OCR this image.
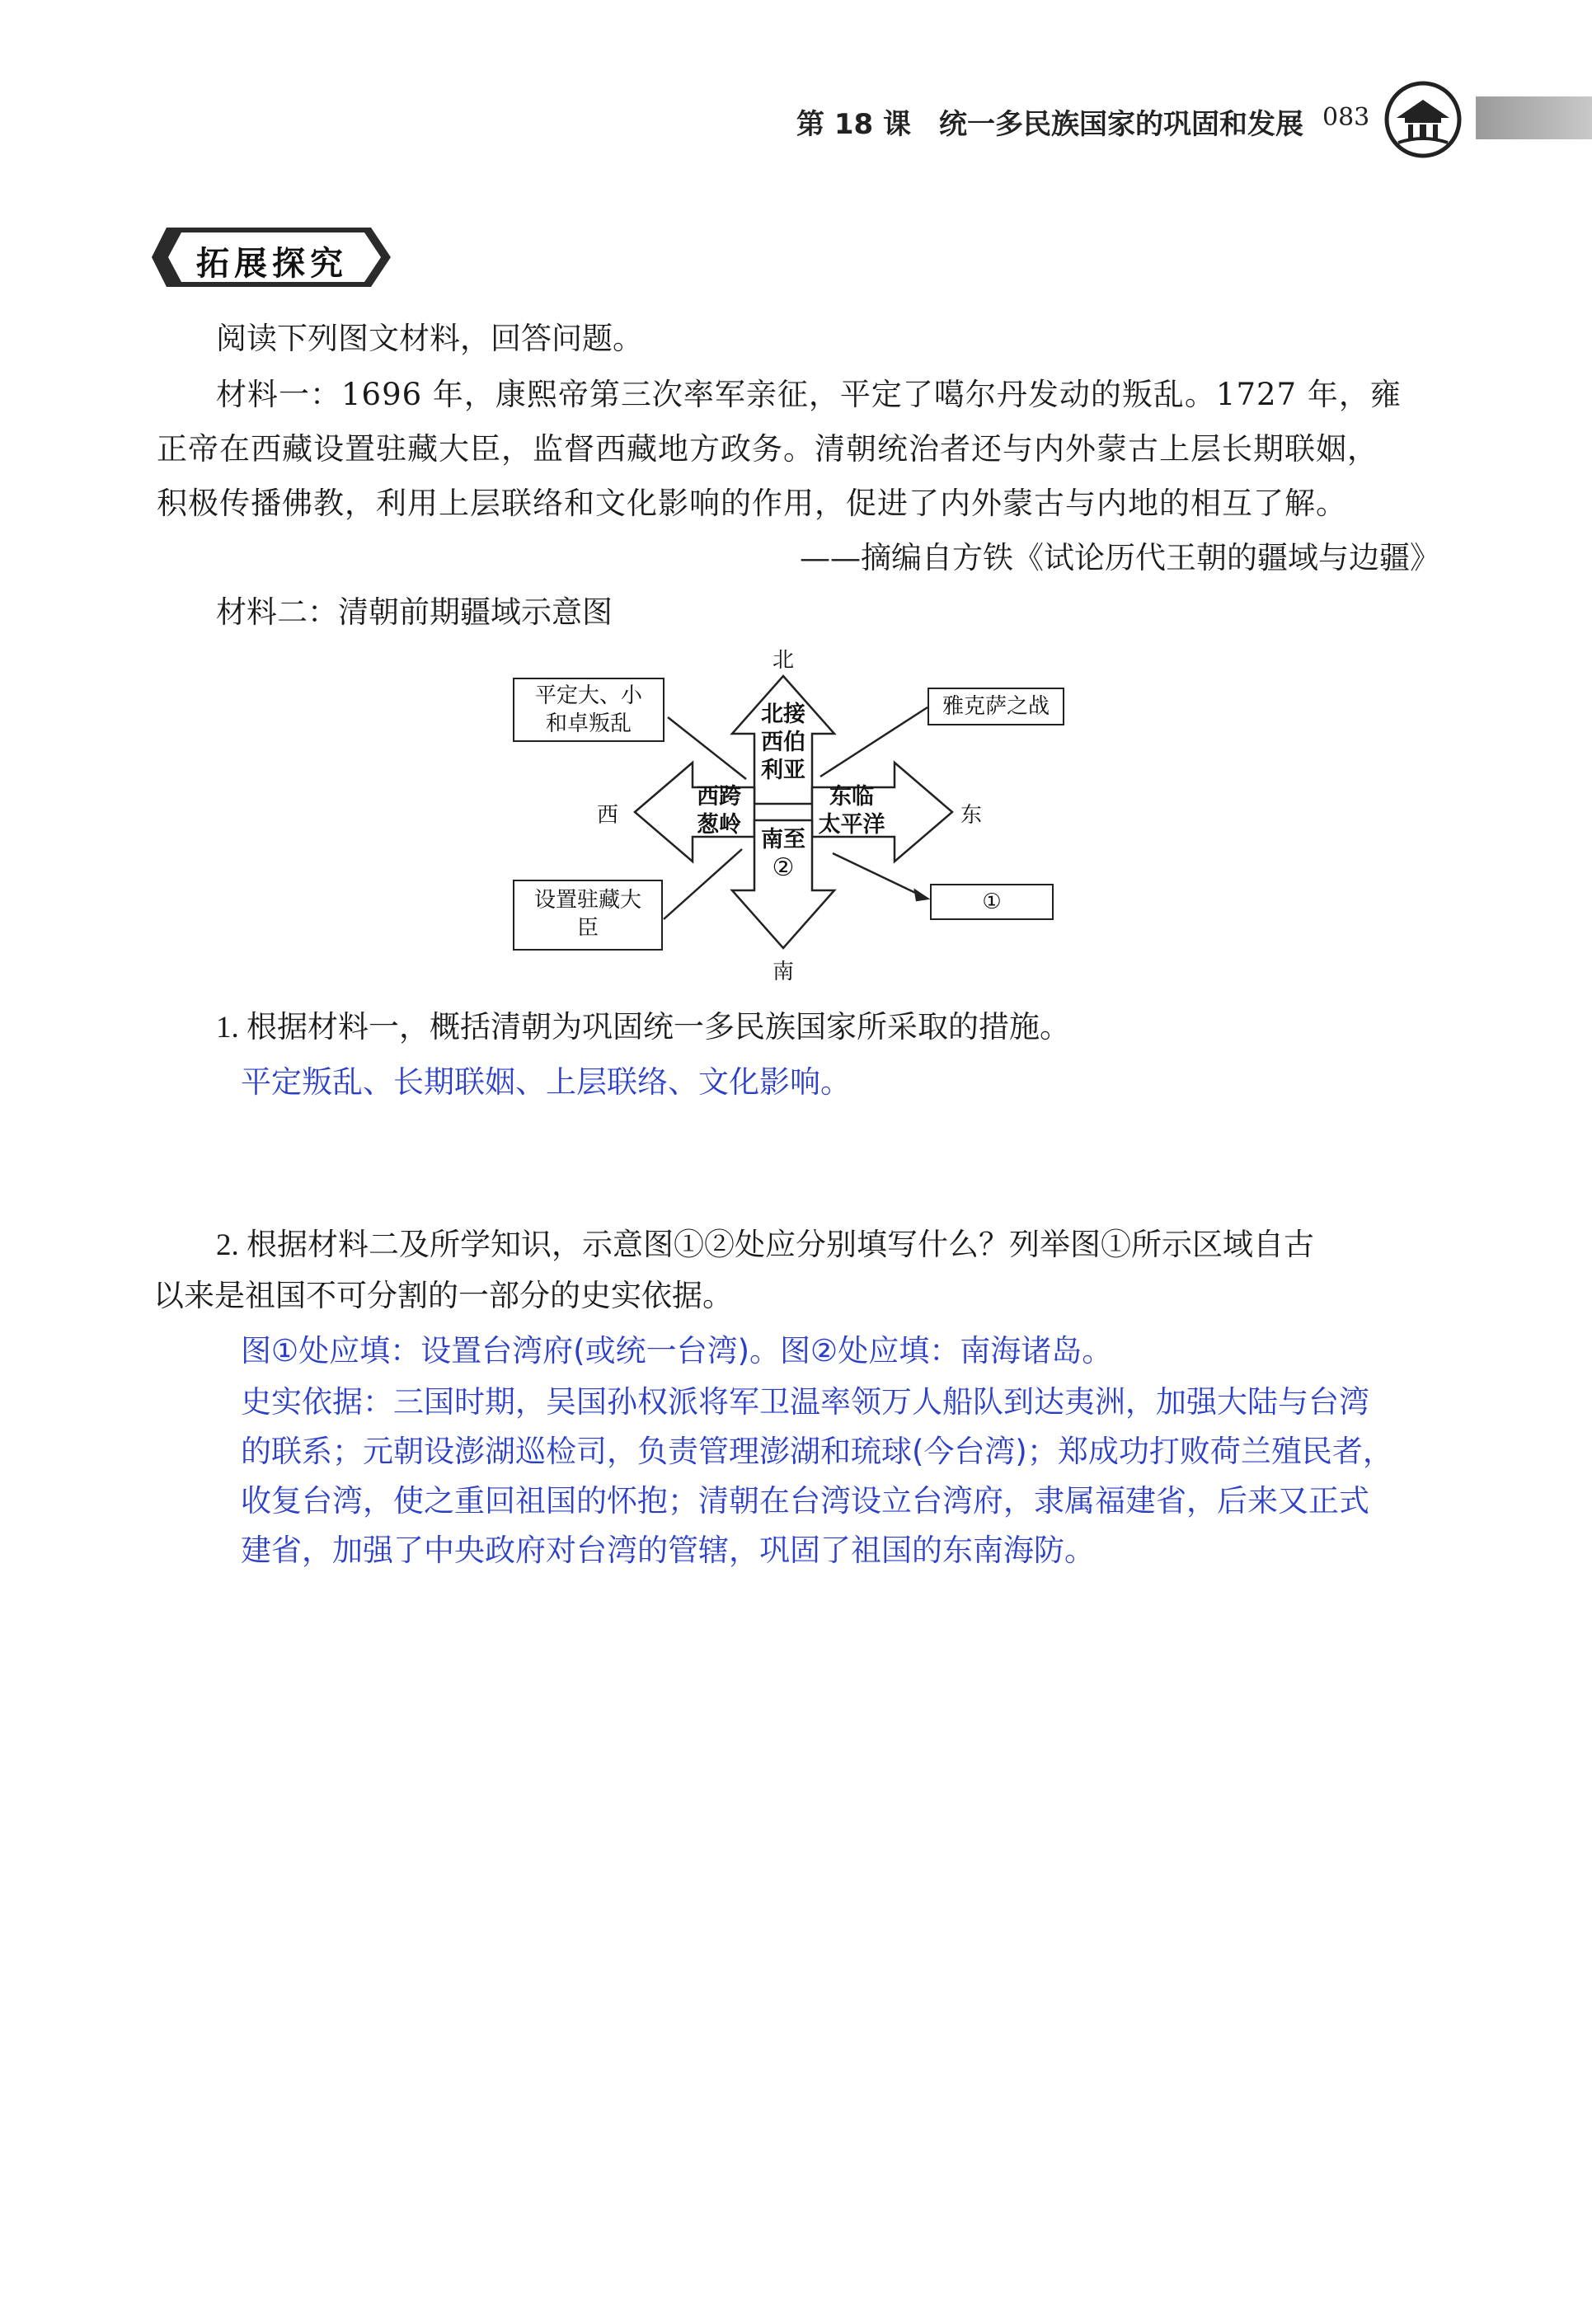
第 18 课　统一多民族国家的巩固和发展 083
拓展探究
阅读下列图文材料，回答问题。
材料一：1696 年，康熙帝第三次率军亲征，平定了噶尔丹发动的叛乱。1727 年，雍
正帝在西藏设置驻藏大臣，监督西藏地方政务。清朝统治者还与内外蒙古上层长期联姻，
积极传播佛教，利用上层联络和文化影响的作用，促进了内外蒙古与内地的相互了解。
——摘编自方铁《试论历代王朝的疆域与边疆》
材料二：清朝前期疆域示意图
北
南
西	东
北接
西伯
利亚
西跨
葱岭
东临
太平洋
南至
②
平定大、小
和卓叛乱
雅克萨之战
设置驻藏大
臣
①
1. 根据材料一，概括清朝为巩固统一多民族国家所采取的措施。
平定叛乱、长期联姻、上层联络、文化影响。
2. 根据材料二及所学知识，示意图①②处应分别填写什么？列举图①所示区域自古
以来是祖国不可分割的一部分的史实依据。
图①处应填：设置台湾府(或统一台湾)。图②处应填：南海诸岛。
史实依据：三国时期，吴国孙权派将军卫温率领万人船队到达夷洲，加强大陆与台湾
的联系；元朝设澎湖巡检司，负责管理澎湖和琉球(今台湾)；郑成功打败荷兰殖民者，
收复台湾，使之重回祖国的怀抱；清朝在台湾设立台湾府，隶属福建省，后来又正式
建省，加强了中央政府对台湾的管辖，巩固了祖国的东南海防。
